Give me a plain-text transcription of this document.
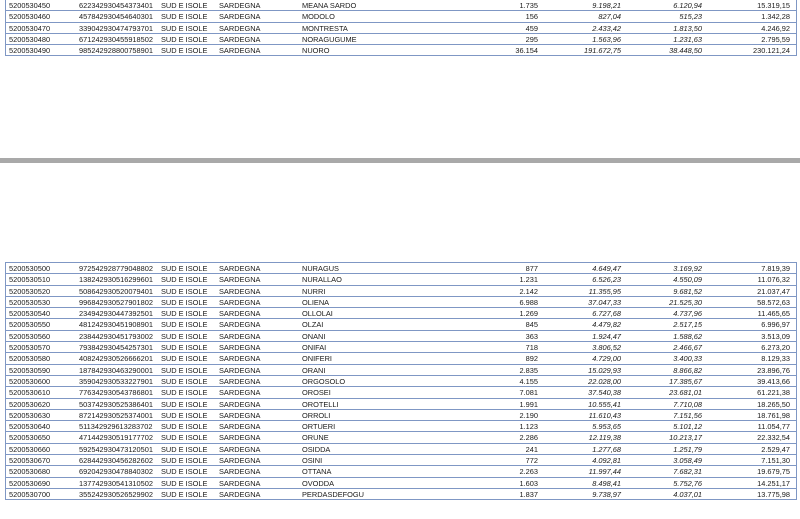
5200530450	622342930454373401 SUD E ISOLE SARDEGNA	MEANA SARDO	1.735	9.198,21	6.120,94	15.319,15
5200530460	457842930454640301 SUD E ISOLE SARDEGNA	MODOLO	156	827,04	515,23	1.342,28
5200530470	339042930474793701 SUD E ISOLE SARDEGNA	MONTRESTA	459	2.433,42	1.813,50	4.246,92
5200530480	671242930455918502 SUD E ISOLE SARDEGNA	NORAGUGUME	295	1.563,96	1.231,63	2.795,59
5200530490	985242928800758901 SUD E ISOLE SARDEGNA	NUORO	36.154	191.672,75	38.448,50	230.121,24
5200530500	972542928779048802 SUD E ISOLE SARDEGNA	NURAGUS	877	4.649,47	3.169,92	7.819,39
5200530510	138242930516299601 SUD E ISOLE SARDEGNA	NURALLAO	1.231	6.526,23	4.550,09	11.076,32
5200530520	508642930520079401 SUD E ISOLE SARDEGNA	NURRI	2.142	11.355,95	9.681,52	21.037,47
5200530530	996842930527901802 SUD E ISOLE SARDEGNA	OLIENA	6.988	37.047,33	21.525,30	58.572,63
5200530540	234942930447392501 SUD E ISOLE SARDEGNA	OLLOLAI	1.269	6.727,68	4.737,96	11.465,65
5200530550	481242930451908901 SUD E ISOLE SARDEGNA	OLZAI	845	4.479,82	2.517,15	6.996,97
5200530560	238442930451793002 SUD E ISOLE SARDEGNA	ONANI	363	1.924,47	1.588,62	3.513,09
5200530570	793842930454257301 SUD E ISOLE SARDEGNA	ONIFAI	718	3.806,52	2.466,67	6.273,20
5200530580	408242930526666201 SUD E ISOLE SARDEGNA	ONIFERI	892	4.729,00	3.400,33	8.129,33
5200530590	187842930463290001 SUD E ISOLE SARDEGNA	ORANI	2.835	15.029,93	8.866,82	23.896,76
5200530600	359042930533227901 SUD E ISOLE SARDEGNA	ORGOSOLO	4.155	22.028,00	17.385,67	39.413,66
5200530610	776342930543786801 SUD E ISOLE SARDEGNA	OROSEI	7.081	37.540,38	23.681,01	61.221,38
5200530620	503742930525386401 SUD E ISOLE SARDEGNA	OROTELLI	1.991	10.555,41	7.710,08	18.265,50
5200530630	872142930525374001 SUD E ISOLE SARDEGNA	ORROLI	2.190	11.610,43	7.151,56	18.761,98
5200530640	511342929613283702 SUD E ISOLE SARDEGNA	ORTUERI	1.123	5.953,65	5.101,12	11.054,77
5200530650	471442930519177702 SUD E ISOLE SARDEGNA	ORUNE	2.286	12.119,38	10.213,17	22.332,54
5200530660	592542930473120501 SUD E ISOLE SARDEGNA	OSIDDA	241	1.277,68	1.251,79	2.529,47
5200530670	628442930456282602 SUD E ISOLE SARDEGNA	OSINI	772	4.092,81	3.058,49	7.151,30
5200530680	692042930478840302 SUD E ISOLE SARDEGNA	OTTANA	2.263	11.997,44	7.682,31	19.679,75
5200530690	137742930541310502 SUD E ISOLE SARDEGNA	OVODDA	1.603	8.498,41	5.752,76	14.251,17
5200530700	355242930526529902 SUD E ISOLE SARDEGNA	PERDASDEFOGU	1.837	9.738,97	4.037,01	13.775,98
